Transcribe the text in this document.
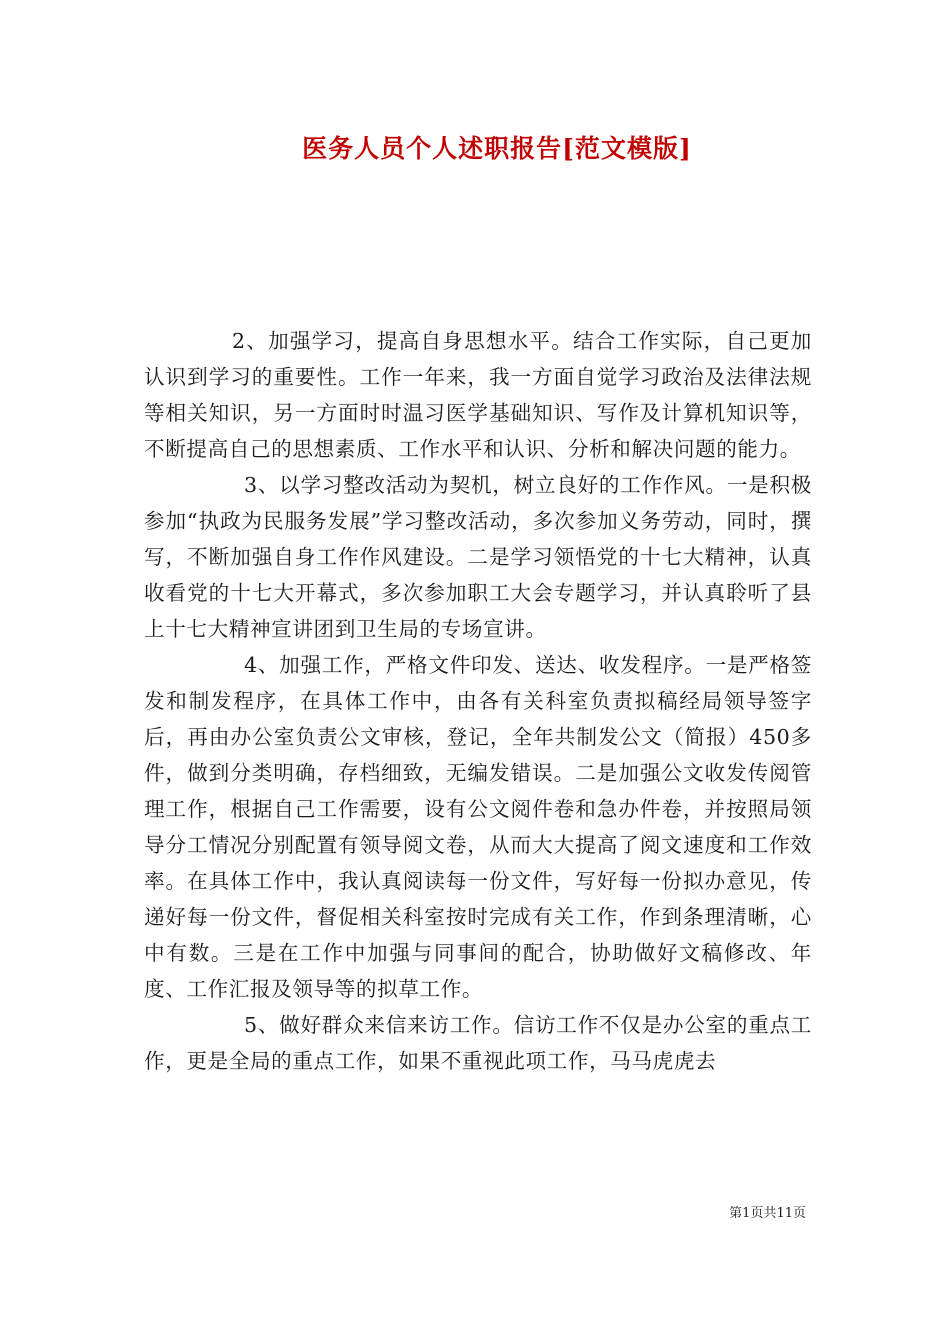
医务人员个人述职报告[范文模版]

2、加强学习，提高自身思想水平。结合工作实际，自己更加认识到学习的重要性。工作一年来，我一方面自觉学习政治及法律法规等相关知识，另一方面时时温习医学基础知识、写作及计算机知识等，不断提高自己的思想素质、工作水平和认识、分析和解决问题的能力。

3、以学习整改活动为契机，树立良好的工作作风。一是积极参加“执政为民服务发展”学习整改活动，多次参加义务劳动，同时，撰写，不断加强自身工作作风建设。二是学习领悟党的十七大精神，认真收看党的十七大开幕式，多次参加职工大会专题学习，并认真聆听了县上十七大精神宣讲团到卫生局的专场宣讲。

4、加强工作，严格文件印发、送达、收发程序。一是严格签发和制发程序，在具体工作中，由各有关科室负责拟稿经局领导签字后，再由办公室负责公文审核，登记，全年共制发公文（简报）450多件，做到分类明确，存档细致，无编发错误。二是加强公文收发传阅管理工作，根据自己工作需要，设有公文阅件卷和急办件卷，并按照局领导分工情况分别配置有领导阅文卷，从而大大提高了阅文速度和工作效率。在具体工作中，我认真阅读每一份文件，写好每一份拟办意见，传递好每一份文件，督促相关科室按时完成有关工作，作到条理清晰，心中有数。三是在工作中加强与同事间的配合，协助做好文稿修改、年度、工作汇报及领导等的拟草工作。

5、做好群众来信来访工作。信访工作不仅是办公室的重点工作，更是全局的重点工作，如果不重视此项工作，马马虎虎去

第1页共11页
